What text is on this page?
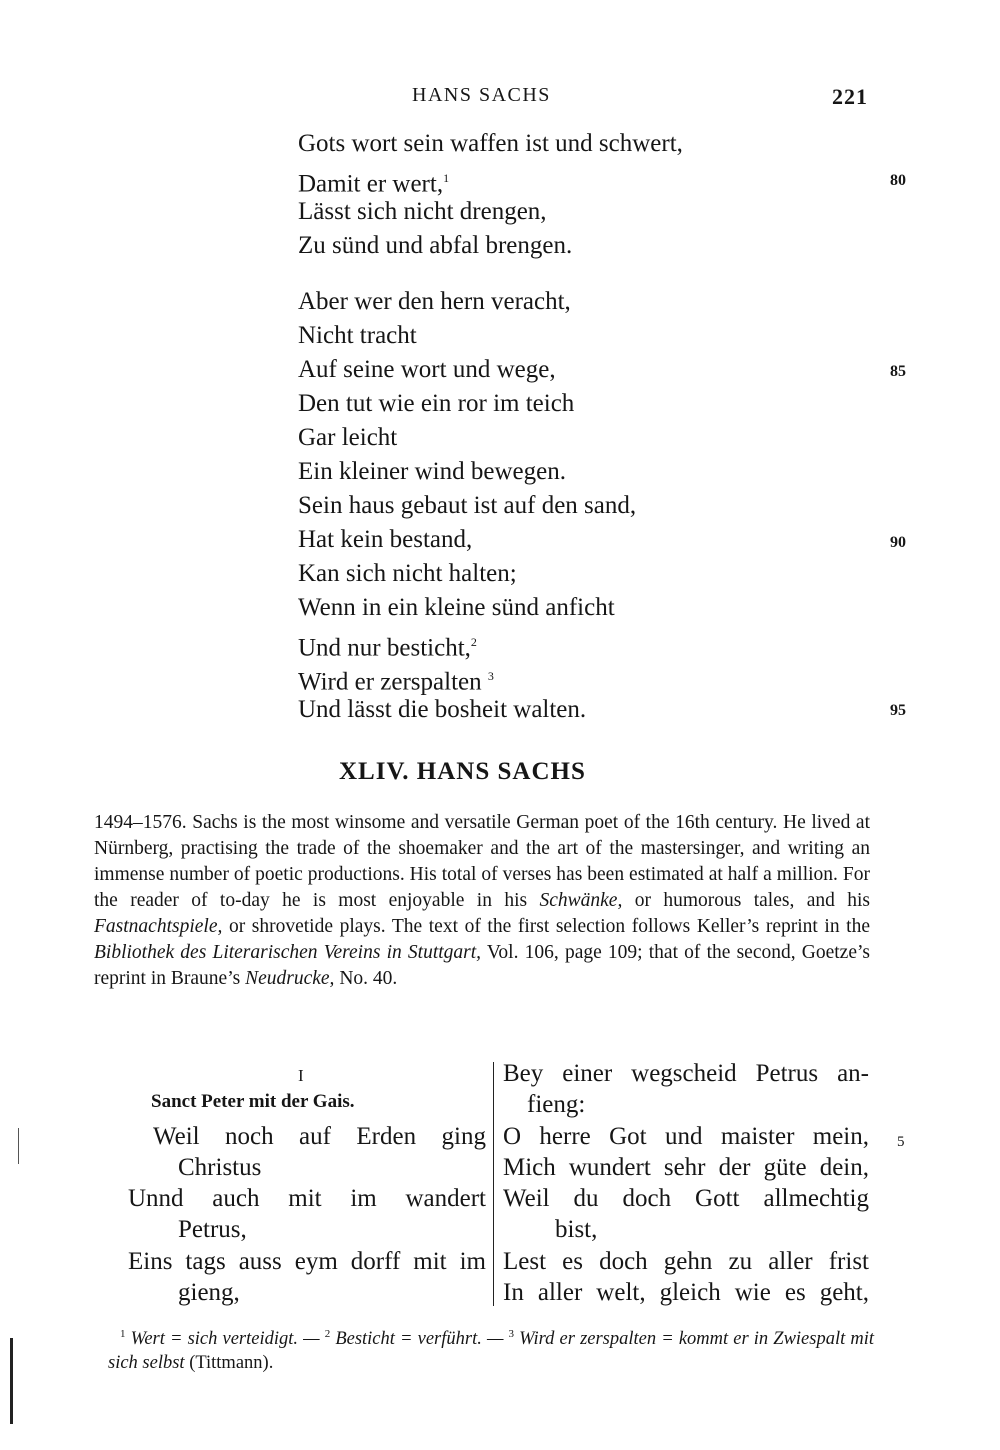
HANS SACHS	221
Gots wort sein waffen ist und schwert,
Damit er wert,$^1$
Lässt sich nicht drengen,
Zu sünd und abfal brengen.
Aber wer den hern veracht,
Nicht tracht
Auf seine wort und wege,
Den tut wie ein ror im teich
Gar leicht
Ein kleiner wind bewegen.
Sein haus gebaut ist auf den sand,
Hat kein bestand,
Kan sich nicht halten;
Wenn in ein kleine sünd anficht
Und nur besticht,$^2$
Wird er zerspalten $^3$
Und lässt die bosheit walten.
80
85
90
95
XLIV. HANS SACHS
1494–1576. Sachs is the most winsome and versatile German poet of the 16th century. He lived at Nürnberg, practising the trade of the shoemaker and the art of the mastersinger, and writing an immense number of poetic productions. His total of verses has been estimated at half a million. For the reader of to-day he is most enjoyable in his Schwänke, or humorous tales, and his Fastnachtspiele, or shrovetide plays. The text of the first selection follows Keller’s reprint in the Bibliothek des Literarischen Vereins in Stuttgart, Vol. 106, page 109; that of the second, Goetze’s reprint in Braune’s Neudrucke, No. 40.
I
Sanct Peter mit der Gais.
Weil noch auf Erden ging
Christus
Unnd auch mit im wandert
Petrus,
Eins tags auss eym dorff mit im
gieng,
Bey einer wegscheid Petrus an-
fieng:
O herre Got und maister mein,
Mich wundert sehr der güte dein,
Weil du doch Gott allmechtig
bist,
Lest es doch gehn zu aller frist
In aller welt, gleich wie es geht,
5
$^1$ Wert = sich verteidigt. — $^2$ Besticht = verführt. — $^3$ Wird er zerspalten = kommt er in Zwiespalt mit sich selbst (Tittmann).
